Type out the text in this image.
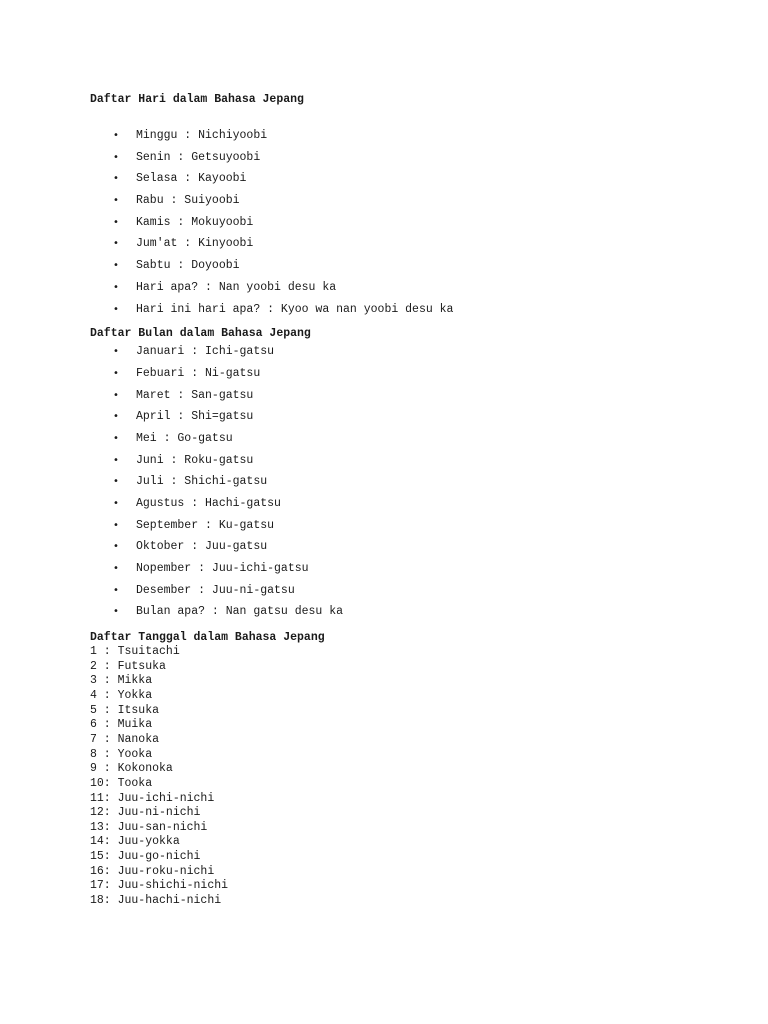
Daftar Hari dalam Bahasa Jepang
• Minggu : Nichiyoobi
• Senin : Getsuyoobi
• Selasa : Kayoobi
• Rabu : Suiyoobi
• Kamis : Mokuyoobi
• Jum'at : Kinyoobi
• Sabtu : Doyoobi
• Hari apa? : Nan yoobi desu ka
• Hari ini hari apa? : Kyoo wa nan yoobi desu ka
Daftar Bulan dalam Bahasa Jepang
• Januari : Ichi-gatsu
• Febuari : Ni-gatsu
• Maret : San-gatsu
• April : Shi=gatsu
• Mei : Go-gatsu
• Juni : Roku-gatsu
• Juli : Shichi-gatsu
• Agustus : Hachi-gatsu
• September : Ku-gatsu
• Oktober : Juu-gatsu
• Nopember : Juu-ichi-gatsu
• Desember : Juu-ni-gatsu
• Bulan apa? : Nan gatsu desu ka
Daftar Tanggal dalam Bahasa Jepang
1 : Tsuitachi
2 : Futsuka
3 : Mikka
4 : Yokka
5 : Itsuka
6 : Muika
7 : Nanoka
8 : Yooka
9 : Kokonoka
10: Tooka
11: Juu-ichi-nichi
12: Juu-ni-nichi
13: Juu-san-nichi
14: Juu-yokka
15: Juu-go-nichi
16: Juu-roku-nichi
17: Juu-shichi-nichi
18: Juu-hachi-nichi
